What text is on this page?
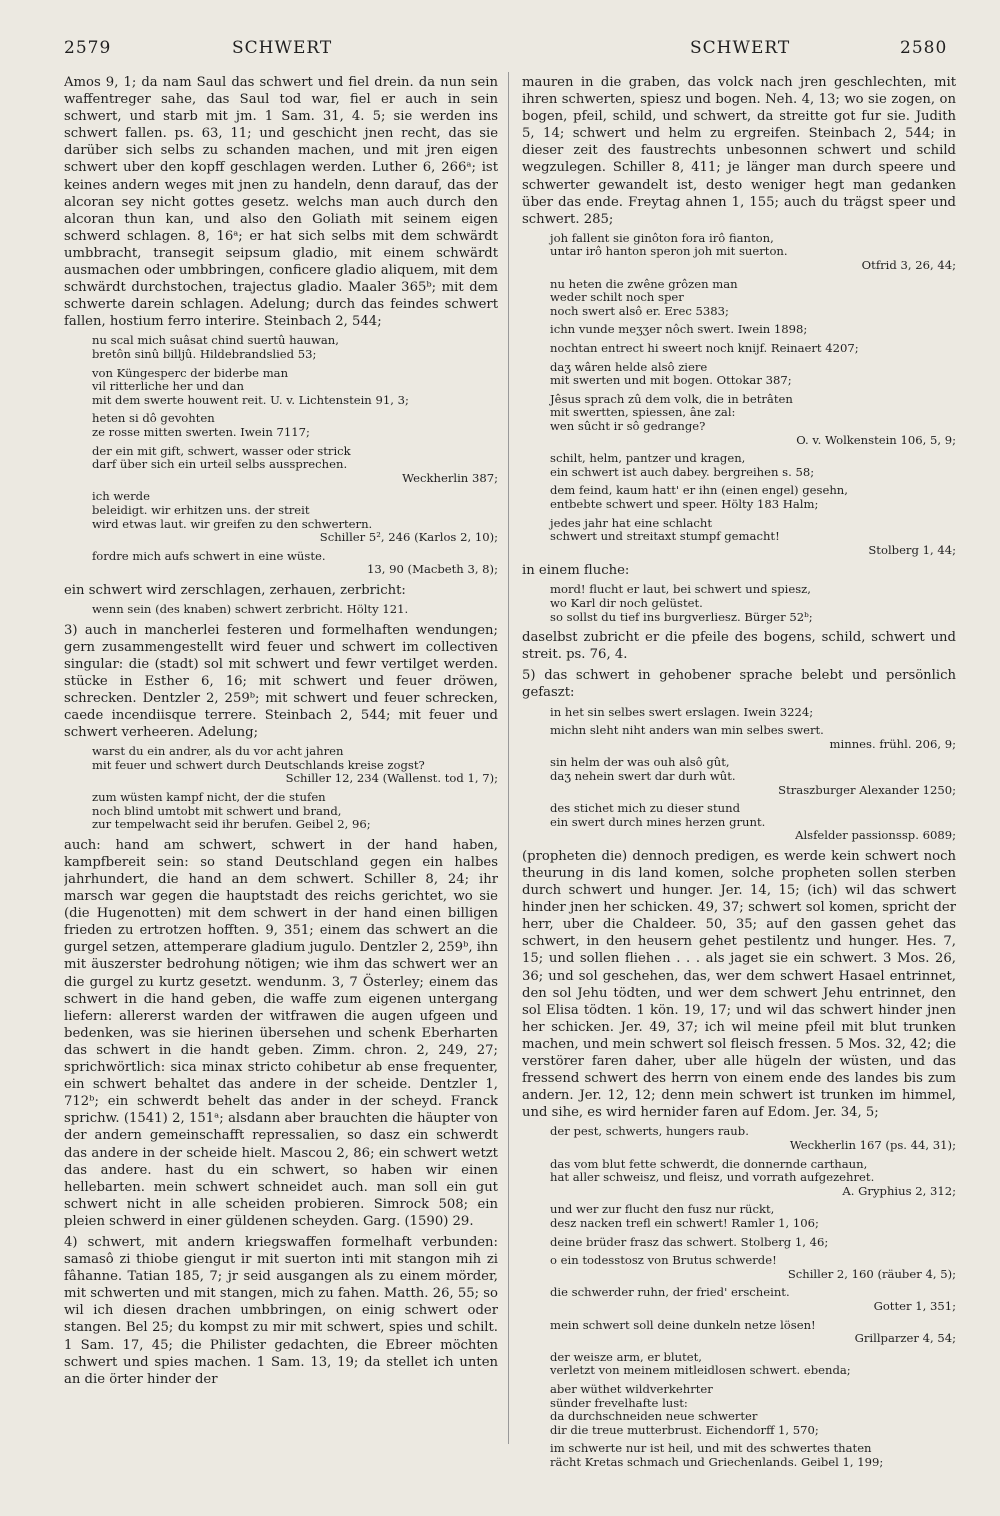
2579	SCHWERT	SCHWERT	2580

Amos 9, 1; da nam Saul das schwert und fiel drein. da nun sein waffentreger sahe, das Saul tod war, fiel er auch in sein schwert, und starb mit jm. 1 Sam. 31, 4. 5; sie werden ins schwert fallen. ps. 63, 11; und geschicht jnen recht, das sie darüber sich selbs zu schanden machen, und mit jren eigen schwert uber den kopff geschlagen werden. Luther 6, 266ᵃ; ist keines andern weges mit jnen zu handeln, denn darauf, das der alcoran sey nicht gottes gesetz. welchs man auch durch den alcoran thun kan, und also den Goliath mit seinem eigen schwerd schlagen. 8, 16ᵃ; er hat sich selbs mit dem schwärdt umbbracht, transegit seipsum gladio, mit einem schwärdt ausmachen oder umbbringen, conficere gladio aliquem, mit dem schwärdt durchstochen, trajectus gladio. Maaler 365ᵇ; mit dem schwerte darein schlagen. Adelung; durch das feindes schwert fallen, hostium ferro interire. Steinbach 2, 544;

nu scal mich suâsat chind suertû hauwan,
bretôn sinû billjû. Hildebrandslied 53;
von Küngesperc der biderbe man
vil ritterliche her und dan
mit dem swerte houwent reit. U. v. Lichtenstein 91, 3;
heten si dô gevohten
ze rosse mitten swerten. Iwein 7117;
der ein mit gift, schwert, wasser oder strick
darf über sich ein urteil selbs aussprechen.
Weckherlin 387;
ich werde
beleidigt. wir erhitzen uns. der streit
wird etwas laut. wir greifen zu den schwertern.
Schiller 5², 246 (Karlos 2, 10);
fordre mich aufs schwert in eine wüste.
13, 90 (Macbeth 3, 8);

ein schwert wird zerschlagen, zerhauen, zerbricht:

wenn sein (des knaben) schwert zerbricht. Hölty 121.

3) auch in mancherlei festeren und formelhaften wendungen; gern zusammengestellt wird feuer und schwert im collectiven singular: die (stadt) sol mit schwert und fewr vertilget werden. stücke in Esther 6, 16; mit schwert und feuer dröwen, schrecken. Dentzler 2, 259ᵇ; mit schwert und feuer schrecken, caede incendiisque terrere. Steinbach 2, 544; mit feuer und schwert verheeren. Adelung;

warst du ein andrer, als du vor acht jahren
mit feuer und schwert durch Deutschlands kreise zogst?
Schiller 12, 234 (Wallenst. tod 1, 7);
zum wüsten kampf nicht, der die stufen
noch blind umtobt mit schwert und brand,
zur tempelwacht seid ihr berufen. Geibel 2, 96;

auch: hand am schwert, schwert in der hand haben, kampfbereit sein: so stand Deutschland gegen ein halbes jahrhundert, die hand an dem schwert. Schiller 8, 24; ihr marsch war gegen die hauptstadt des reichs gerichtet, wo sie (die Hugenotten) mit dem schwert in der hand einen billigen frieden zu ertrotzen hofften. 9, 351; einem das schwert an die gurgel setzen, attemperare gladium jugulo. Dentzler 2, 259ᵇ, ihn mit äuszerster bedrohung nötigen; wie ihm das schwert wer an die gurgel zu kurtz gesetzt. wendunm. 3, 7 Österley; einem das schwert in die hand geben, die waffe zum eigenen untergang liefern: allererst warden der witfrawen die augen ufgeen und bedenken, was sie hierinen übersehen und schenk Eberharten das schwert in die handt geben. Zimm. chron. 2, 249, 27; sprichwörtlich: sica minax stricto cohibetur ab ense frequenter, ein schwert behaltet das andere in der scheide. Dentzler 1, 712ᵇ; ein schwerdt behelt das ander in der scheyd. Franck sprichw. (1541) 2, 151ᵃ; alsdann aber brauchten die häupter von der andern gemeinschafft repressalien, so dasz ein schwerdt das andere in der scheide hielt. Mascou 2, 86; ein schwert wetzt das andere. hast du ein schwert, so haben wir einen hellebarten. mein schwert schneidet auch. man soll ein gut schwert nicht in alle scheiden probieren. Simrock 508; ein pleien schwerd in einer güldenen scheyden. Garg. (1590) 29.

4) schwert, mit andern kriegswaffen formelhaft verbunden: samasô zi thiobe giengut ir mit suerton inti mit stangon mih zi fâhanne. Tatian 185, 7; jr seid ausgangen als zu einem mörder, mit schwerten und mit stangen, mich zu fahen. Matth. 26, 55; so wil ich diesen drachen umbbringen, on einig schwert oder stangen. Bel 25; du kompst zu mir mit schwert, spies und schilt. 1 Sam. 17, 45; die Philister gedachten, die Ebreer möchten schwert und spies machen. 1 Sam. 13, 19; da stellet ich unten an die örter hinder der

mauren in die graben, das volck nach jren geschlechten, mit ihren schwerten, spiesz und bogen. Neh. 4, 13; wo sie zogen, on bogen, pfeil, schild, und schwert, da streitte got fur sie. Judith 5, 14; schwert und helm zu ergreifen. Steinbach 2, 544; in dieser zeit des faustrechts unbesonnen schwert und schild wegzulegen. Schiller 8, 411; je länger man durch speere und schwerter gewandelt ist, desto weniger hegt man gedanken über das ende. Freytag ahnen 1, 155; auch du trägst speer und schwert. 285;

joh fallent sie ginôton fora irô fianton,
untar irô hanton speron joh mit suerton.
Otfrid 3, 26, 44;
nu heten die zwêne grôzen man
weder schilt noch sper
noch swert alsô er. Erec 5383;
ichn vunde meʒʒer nôch swert. Iwein 1898;
nochtan entrect hi sweert noch knijf. Reinaert 4207;
daʒ wâren helde alsô ziere
mit swerten und mit bogen. Ottokar 387;
Jêsus sprach zû dem volk, die in betrâten
mit swertten, spiessen, âne zal:
wen sûcht ir sô gedrange?
O. v. Wolkenstein 106, 5, 9;
schilt, helm, pantzer und kragen,
ein schwert ist auch dabey. bergreihen s. 58;
dem feind, kaum hatt' er ihn (einen engel) gesehn,
entbebte schwert und speer. Hölty 183 Halm;
jedes jahr hat eine schlacht
schwert und streitaxt stumpf gemacht!
Stolberg 1, 44;

in einem fluche:

mord! flucht er laut, bei schwert und spiesz,
wo Karl dir noch gelüstet.
so sollst du tief ins burgverliesz. Bürger 52ᵇ;

daselbst zubricht er die pfeile des bogens, schild, schwert und streit. ps. 76, 4.

5) das schwert in gehobener sprache belebt und persönlich gefaszt:

in het sin selbes swert erslagen. Iwein 3224;
michn sleht niht anders wan min selbes swert.
minnes. frühl. 206, 9;
sin helm der was ouh alsô gût,
daʒ nehein swert dar durh wût.
Straszburger Alexander 1250;
des stichet mich zu dieser stund
ein swert durch mines herzen grunt.
Alsfelder passionssp. 6089;

(propheten die) dennoch predigen, es werde kein schwert noch theurung in dis land komen, solche propheten sollen sterben durch schwert und hunger. Jer. 14, 15; (ich) wil das schwert hinder jnen her schicken. 49, 37; schwert sol komen, spricht der herr, uber die Chaldeer. 50, 35; auf den gassen gehet das schwert, in den heusern gehet pestilentz und hunger. Hes. 7, 15; und sollen fliehen . . . als jaget sie ein schwert. 3 Mos. 26, 36; und sol geschehen, das, wer dem schwert Hasael entrinnet, den sol Jehu tödten, und wer dem schwert Jehu entrinnet, den sol Elisa tödten. 1 kön. 19, 17; und wil das schwert hinder jnen her schicken. Jer. 49, 37; ich wil meine pfeil mit blut trunken machen, und mein schwert sol fleisch fressen. 5 Mos. 32, 42; die verstörer faren daher, uber alle hügeln der wüsten, und das fressend schwert des herrn von einem ende des landes bis zum andern. Jer. 12, 12; denn mein schwert ist trunken im himmel, und sihe, es wird hernider faren auf Edom. Jer. 34, 5;

der pest, schwerts, hungers raub.
Weckherlin 167 (ps. 44, 31);
das vom blut fette schwerdt, die donnernde carthaun,
hat aller schweisz, und fleisz, und vorrath aufgezehret.
A. Gryphius 2, 312;
und wer zur flucht den fusz nur rückt,
desz nacken trefl ein schwert! Ramler 1, 106;
deine brüder frasz das schwert. Stolberg 1, 46;
o ein todesstosz von Brutus schwerde!
Schiller 2, 160 (räuber 4, 5);
die schwerder ruhn, der fried' erscheint.
Gotter 1, 351;
mein schwert soll deine dunkeln netze lösen!
Grillparzer 4, 54;
der weisze arm, er blutet,
verletzt von meinem mitleidlosen schwert. ebenda;
aber wüthet wildverkehrter
sünder frevelhafte lust:
da durchschneiden neue schwerter
dir die treue mutterbrust. Eichendorff 1, 570;
im schwerte nur ist heil, und mit des schwertes thaten
rächt Kretas schmach und Griechenlands. Geibel 1, 199;
